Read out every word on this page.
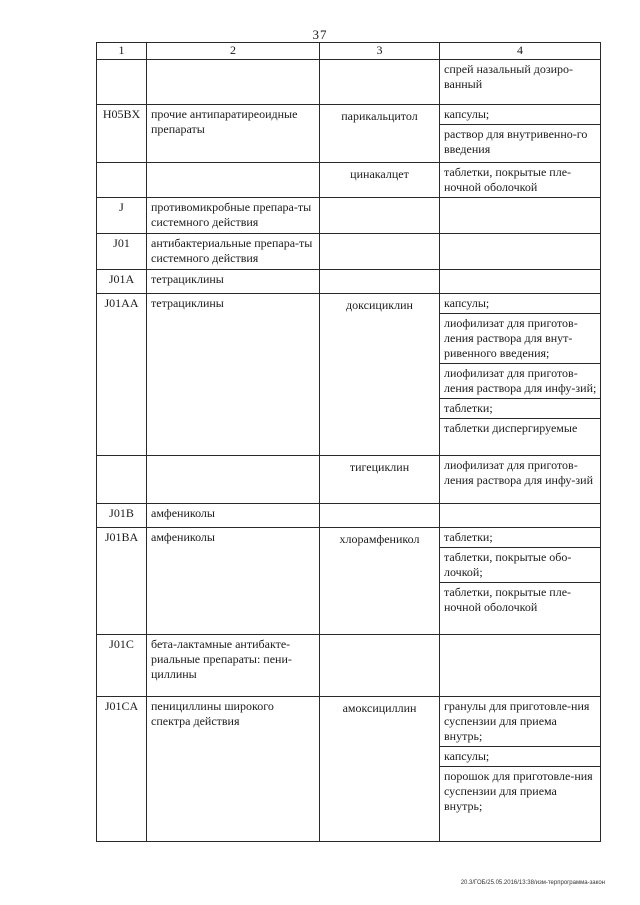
37
1	2	3	4

			спрей назальный дозиро-ванный

H05BX	прочие антипаратиреоидные препараты	парикальцитол	капсулы;
раствор для внутривенно-го введения

		цинакалцет	таблетки, покрытые пле-ночной оболочкой

J	противомикробные препара-ты системного действия		
J01	антибактериальные препара-ты системного действия		
J01A	тетрациклины		
J01AA	тетрациклины	доксициклин	капсулы;
лиофилизат для приготов-ления раствора для внут-ривенного введения;
лиофилизат для приготов-ления раствора для инфу-зий;
таблетки;
таблетки диспергируемые

		тигециклин	лиофилизат для приготов-ления раствора для инфу-зий

J01B	амфениколы		
J01BA	амфениколы	хлорамфеникол	таблетки;
таблетки, покрытые обо-лочкой;
таблетки, покрытые пле-ночной оболочкой

J01C	бета-лактамные антибакте-риальные препараты: пени-циллины		
J01CA	пенициллины широкого спектра действия	амоксициллин	гранулы для приготовле-ния суспензии для приема внутрь;
капсулы;
порошок для приготовле-ния суспензии для приема внутрь;
20.3/ГОБ/25.05.2016/13:38/изм-терпрограмма-закон
